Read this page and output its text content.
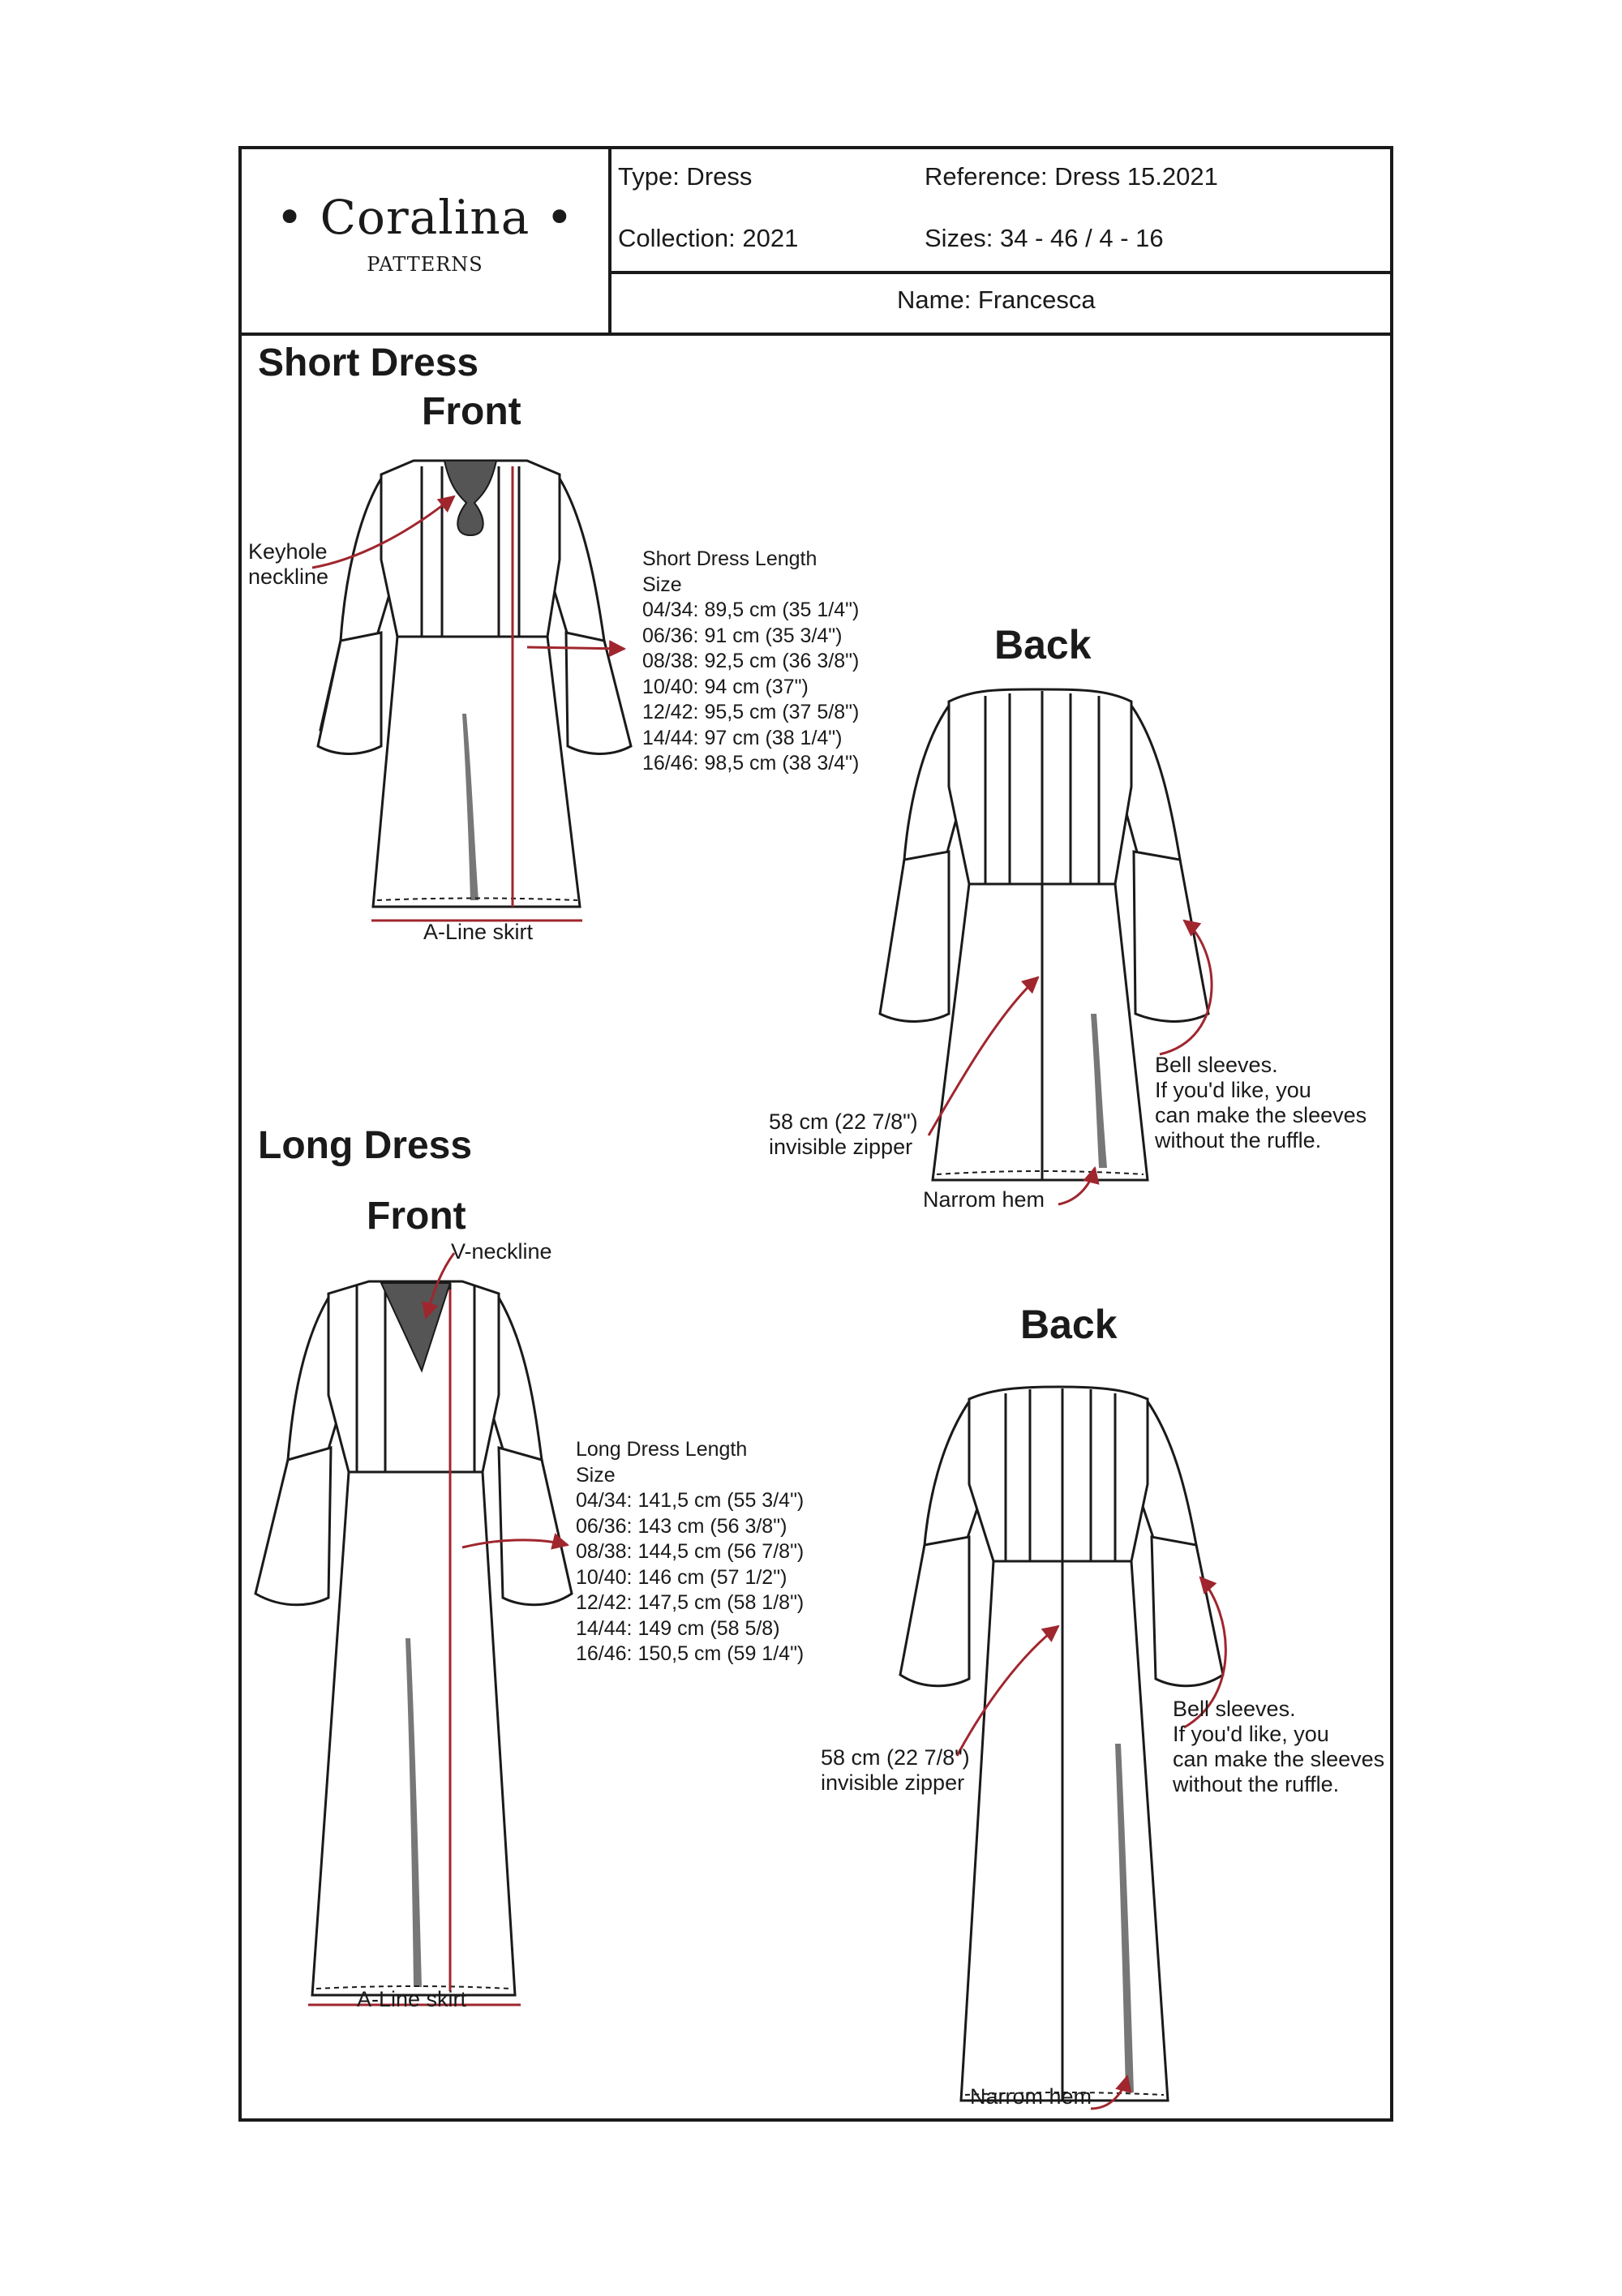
• Coralina •
PATTERNS
Type: Dress	Reference: Dress 15.2021
Collection: 2021	Sizes: 34 - 46 / 4 - 16
Name: Francesca
Short Dress
Front
Keyhole
neckline
A-Line skirt
Short Dress Length
Size
04/34: 89,5 cm (35 1/4")
06/36: 91 cm (35 3/4")
08/38: 92,5 cm (36 3/8")
10/40: 94 cm (37")
12/42: 95,5 cm (37 5/8")
14/44: 97 cm (38 1/4")
16/46: 98,5 cm (38 3/4")
Back
58 cm (22 7/8")
invisible zipper
Narrom hem
Bell sleeves.
If you'd like, you
can make the sleeves
without the ruffle.
Long Dress
Front
V-neckline
A-Line skirt
Long Dress Length
Size
04/34: 141,5 cm (55 3/4")
06/36: 143 cm (56 3/8")
08/38: 144,5 cm (56 7/8")
10/40: 146 cm (57 1/2")
12/42: 147,5 cm (58 1/8")
14/44: 149 cm (58 5/8)
16/46: 150,5 cm (59 1/4")
Back
58 cm (22 7/8")
invisible zipper
Narrom hem
Bell sleeves.
If you'd like, you
can make the sleeves
without the ruffle.
